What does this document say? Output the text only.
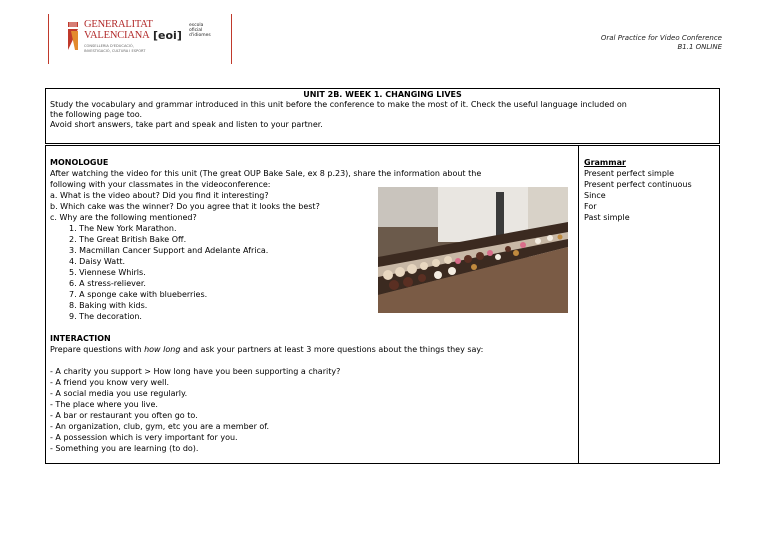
GENERALITAT
VALENCIANA
CONSELLERIA D'EDUCACIÓ,
INVESTIGACIÓ, CULTURA I ESPORT
[eoi]
escola
oficial
d'idiomes	Oral Practice for Video Conference
B1.1 ONLINE
UNIT 2B. WEEK 1. CHANGING LIVES
Study the vocabulary and grammar introduced in this unit before the conference to make the most of it. Check the useful language included on
the following page too.
Avoid short answers, take part and speak and listen to your partner.
MONOLOGUE
After watching the video for this unit (The great OUP Bake Sale, ex 8 p.23), share the information about the
following with your classmates in the videoconference:
a. What is the video about? Did you find it interesting?
b. Which cake was the winner? Do you agree that it looks the best?
c. Why are the following mentioned?
1. The New York Marathon.
2. The Great British Bake Off.
3. Macmillan Cancer Support and Adelante Africa.
4. Daisy Watt.
5. Viennese Whirls.
6. A stress-reliever.
7. A sponge cake with blueberries.
8. Baking with kids.
9. The decoration.
INTERACTION
Prepare questions with how long and ask your partners at least 3 more questions about the things they say:
- A charity you support > How long have you been supporting a charity?
- A friend you know very well.
- A social media you use regularly.
- The place where you live.
- A bar or restaurant you often go to.
- An organization, club, gym, etc you are a member of.
- A possession which is very important for you.
- Something you are learning (to do).
Grammar
Present perfect simple
Present perfect continuous
Since
For
Past simple
